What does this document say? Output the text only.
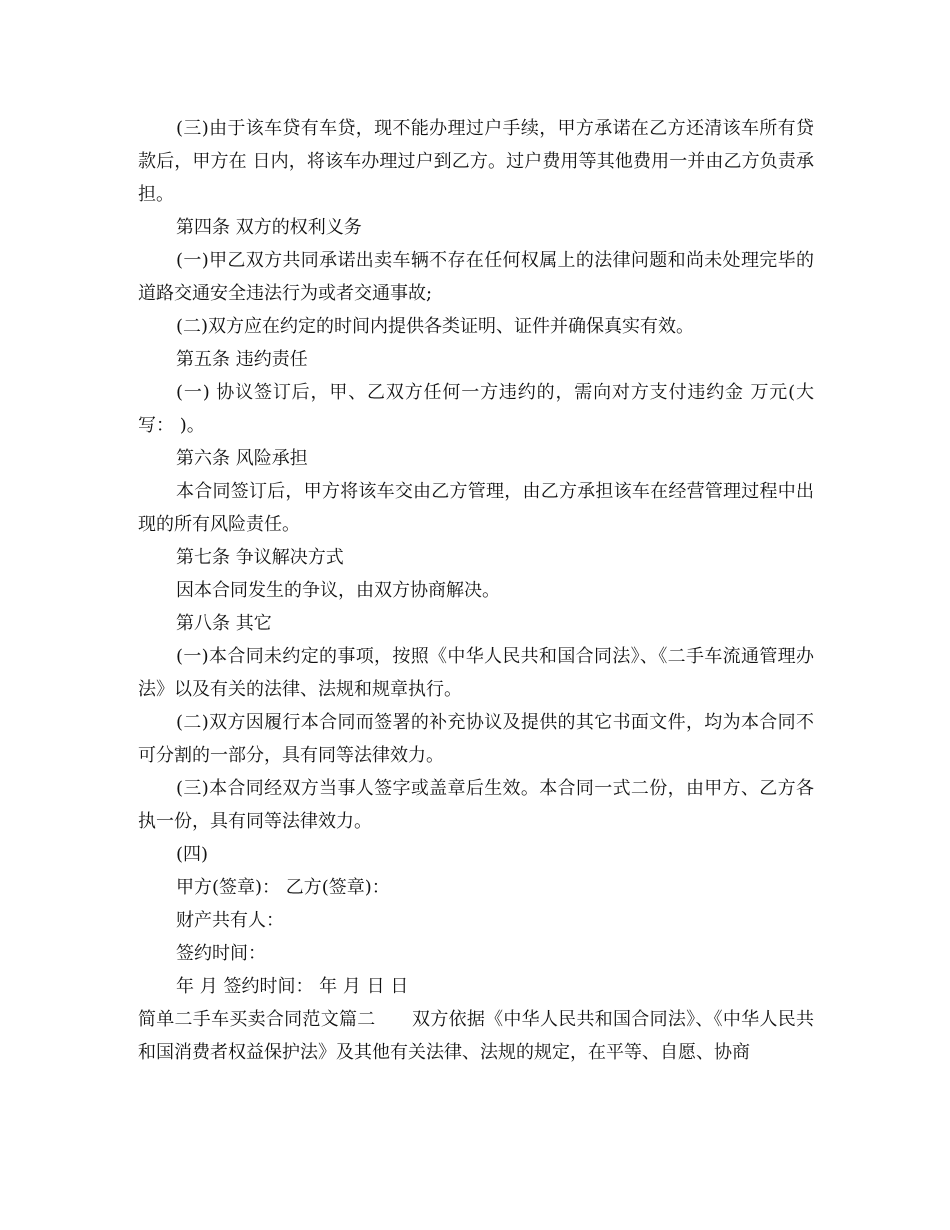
(三)由于该车贷有车贷，现不能办理过户手续，甲方承诺在乙方还清该车所有贷款后，甲方在 日内，将该车办理过户到乙方。过户费用等其他费用一并由乙方负责承担。

第四条 双方的权利义务

(一)甲乙双方共同承诺出卖车辆不存在任何权属上的法律问题和尚未处理完毕的道路交通安全违法行为或者交通事故;

(二)双方应在约定的时间内提供各类证明、证件并确保真实有效。

第五条 违约责任

(一) 协议签订后，甲、乙双方任何一方违约的，需向对方支付违约金 万元(大写： )。

第六条 风险承担

本合同签订后，甲方将该车交由乙方管理，由乙方承担该车在经营管理过程中出现的所有风险责任。

第七条 争议解决方式

因本合同发生的争议，由双方协商解决。

第八条 其它

(一)本合同未约定的事项，按照《中华人民共和国合同法》、《二手车流通管理办法》以及有关的法律、法规和规章执行。

(二)双方因履行本合同而签署的补充协议及提供的其它书面文件，均为本合同不可分割的一部分，具有同等法律效力。

(三)本合同经双方当事人签字或盖章后生效。本合同一式二份，由甲方、乙方各执一份，具有同等法律效力。

(四)

甲方(签章)： 乙方(签章)：

财产共有人：

签约时间：

年 月 签约时间： 年 月 日 日

简单二手车买卖合同范文篇二　　双方依据《中华人民共和国合同法》、《中华人民共和国消费者权益保护法》及其他有关法律、法规的规定，在平等、自愿、协商
